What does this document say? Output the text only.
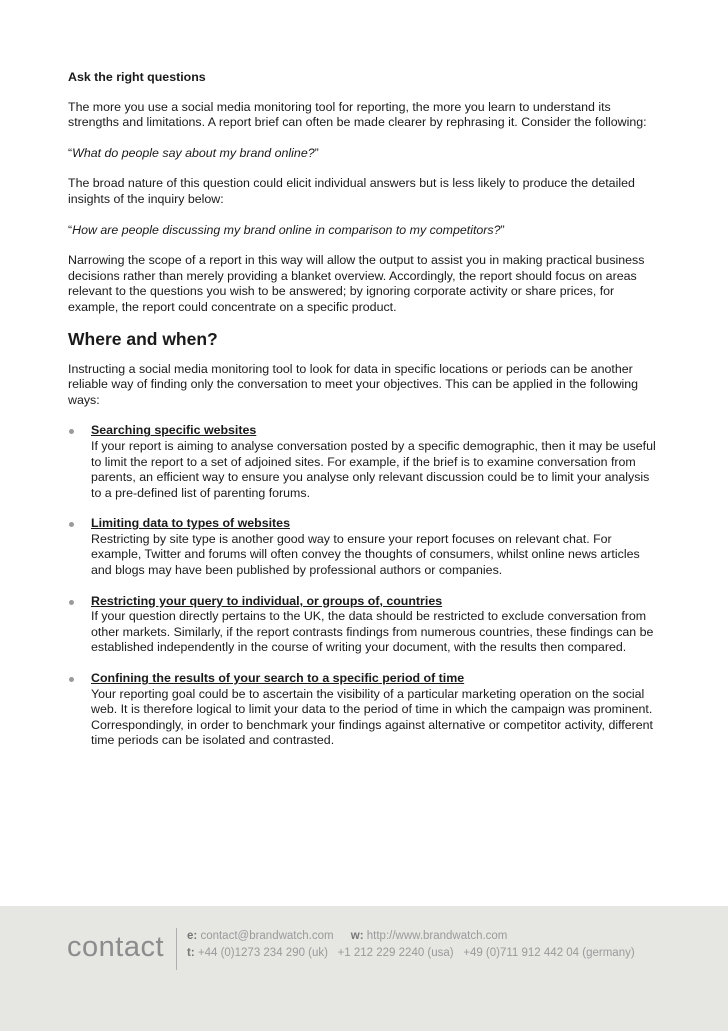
Ask the right questions

The more you use a social media monitoring tool for reporting, the more you learn to understand its strengths and limitations. A report brief can often be made clearer by rephrasing it. Consider the following:

“What do people say about my brand online?”

The broad nature of this question could elicit individual answers but is less likely to produce the detailed insights of the inquiry below:

“How are people discussing my brand online in comparison to my competitors?”

Narrowing the scope of a report in this way will allow the output to assist you in making practical business decisions rather than merely providing a blanket overview. Accordingly, the report should focus on areas relevant to the questions you wish to be answered; by ignoring corporate activity or share prices, for example, the report could concentrate on a specific product.

Where and when?

Instructing a social media monitoring tool to look for data in specific locations or periods can be another reliable way of finding only the conversation to meet your objectives. This can be applied in the following ways:

Searching specific websites
If your report is aiming to analyse conversation posted by a specific demographic, then it may be useful to limit the report to a set of adjoined sites. For example, if the brief is to examine conversation from parents, an efficient way to ensure you analyse only relevant discussion could be to limit your analysis to a pre-defined list of parenting forums.
Limiting data to types of websites
Restricting by site type is another good way to ensure your report focuses on relevant chat. For example, Twitter and forums will often convey the thoughts of consumers, whilst online news articles and blogs may have been published by professional authors or companies.
Restricting your query to individual, or groups of, countries
If your question directly pertains to the UK, the data should be restricted to exclude conversation from other markets. Similarly, if the report contrasts findings from numerous countries, these findings can be established independently in the course of writing your document, with the results then compared.
Confining the results of your search to a specific period of time
Your reporting goal could be to ascertain the visibility of a particular marketing operation on the social web. It is therefore logical to limit your data to the period of time in which the campaign was prominent. Correspondingly, in order to benchmark your findings against alternative or competitor activity, different time periods can be isolated and contrasted.
contact e: contact@brandwatch.com w: http://www.brandwatch.com
t: +44 (0)1273 234 290 (uk) +1 212 229 2240 (usa) +49 (0)711 912 442 04 (germany)
